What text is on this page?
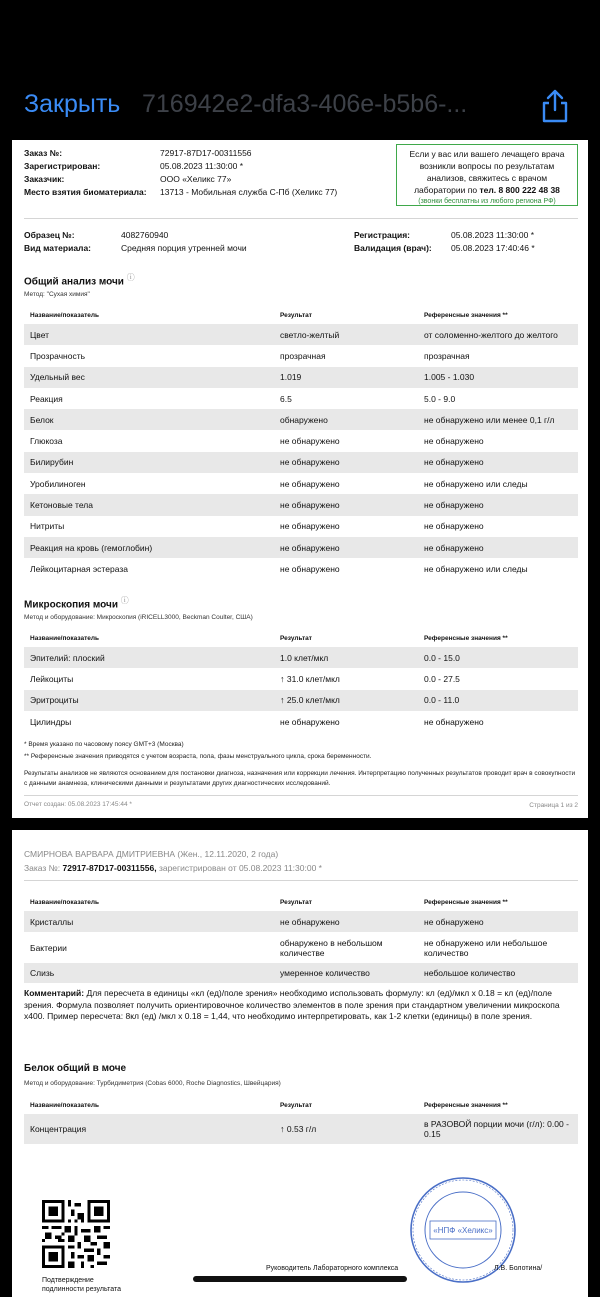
Закрыть 716942e2-dfa3-406e-b5b6-...
Заказ №:	72917-87D17-00311556
Зарегистрирован:	05.08.2023 11:30:00 *
Заказчик:	ООО «Хеликс 77»
Место взятия биоматериала:	13713 - Мобильная служба С-Пб (Хеликс 77)
Если у вас или вашего лечащего врача
возникли вопросы по результатам
анализов, свяжитесь с врачом
лаборатории по тел. 8 800 222 48 38
(звонки бесплатны из любого региона РФ)
Образец №:	4082760940
Вид материала:	Средняя порция утренней мочи
Регистрация:	05.08.2023 11:30:00 *
Валидация (врач):	05.08.2023 17:40:46 *
Общий анализ мочи ⓘ
Метод: "Сухая химия"
Название/показатель	Результат	Референсные значения **
Цвет	светло-желтый	от соломенно-желтого до желтого
Прозрачность	прозрачная	прозрачная
Удельный вес	1.019	1.005 - 1.030
Реакция	6.5	5.0 - 9.0
Белок	обнаружено	не обнаружено или менее 0,1 г/л
Глюкоза	не обнаружено	не обнаружено
Билирубин	не обнаружено	не обнаружено
Уробилиноген	не обнаружено	не обнаружено или следы
Кетоновые тела	не обнаружено	не обнаружено
Нитриты	не обнаружено	не обнаружено
Реакция на кровь (гемоглобин)	не обнаружено	не обнаружено
Лейкоцитарная эстераза	не обнаружено	не обнаружено или следы
Микроскопия мочи ⓘ
Метод и оборудование: Микроскопия (iRICELL3000, Beckman Coulter, США)
Название/показатель	Результат	Референсные значения **
Эпителий: плоский	1.0 клет/мкл	0.0 - 15.0
Лейкоциты	↑ 31.0 клет/мкл	0.0 - 27.5
Эритроциты	↑ 25.0 клет/мкл	0.0 - 11.0
Цилиндры	не обнаружено	не обнаружено
* Время указано по часовому поясу GMT+3 (Москва)
** Референсные значения приводятся с учетом возраста, пола, фазы менструального цикла, срока беременности.
Результаты анализов не являются основанием для постановки диагноза, назначения или коррекции лечения. Интерпретацию полученных результатов проводит врач в совокупности с данными анамнеза, клиническими данными и результатами других диагностических исследований.
Отчет создан: 05.08.2023 17:45:44 *	Страница 1 из 2
СМИРНОВА ВАРВАРА ДМИТРИЕВНА (Жен., 12.11.2020, 2 года)
Заказ №: 72917-87D17-00311556, зарегистрирован от 05.08.2023 11:30:00 *
Название/показатель	Результат	Референсные значения **
Кристаллы	не обнаружено	не обнаружено
Бактерии	обнаружено в небольшом количестве	не обнаружено или небольшое количество
Слизь	умеренное количество	небольшое количество
Комментарий: Для пересчета в единицы «кл (ед)/поле зрения» необходимо использовать формулу: кл (ед)/мкл x 0.18 = кл (ед)/поле зрения. Формула позволяет получить ориентировочное количество элементов в поле зрения при стандартном увеличении микроскопа x400. Пример пересчета: 8кл (ед) /мкл x 0.18 = 1,44, что необходимо интерпретировать, как 1-2 клетки (единицы) в поле зрения.
Белок общий в моче
Метод и оборудование: Турбидиметрия (Cobas 6000, Roche Diagnostics, Швейцария)
Название/показатель	Результат	Референсные значения **
Концентрация	↑ 0.53 г/л	в РАЗОВОЙ порции мочи (г/л): 0.00 - 0.15
Подтверждение
подлинности результата
«НПФ «Хеликс»
Руководитель Лабораторного комплекса	Л.В. Болотина/
